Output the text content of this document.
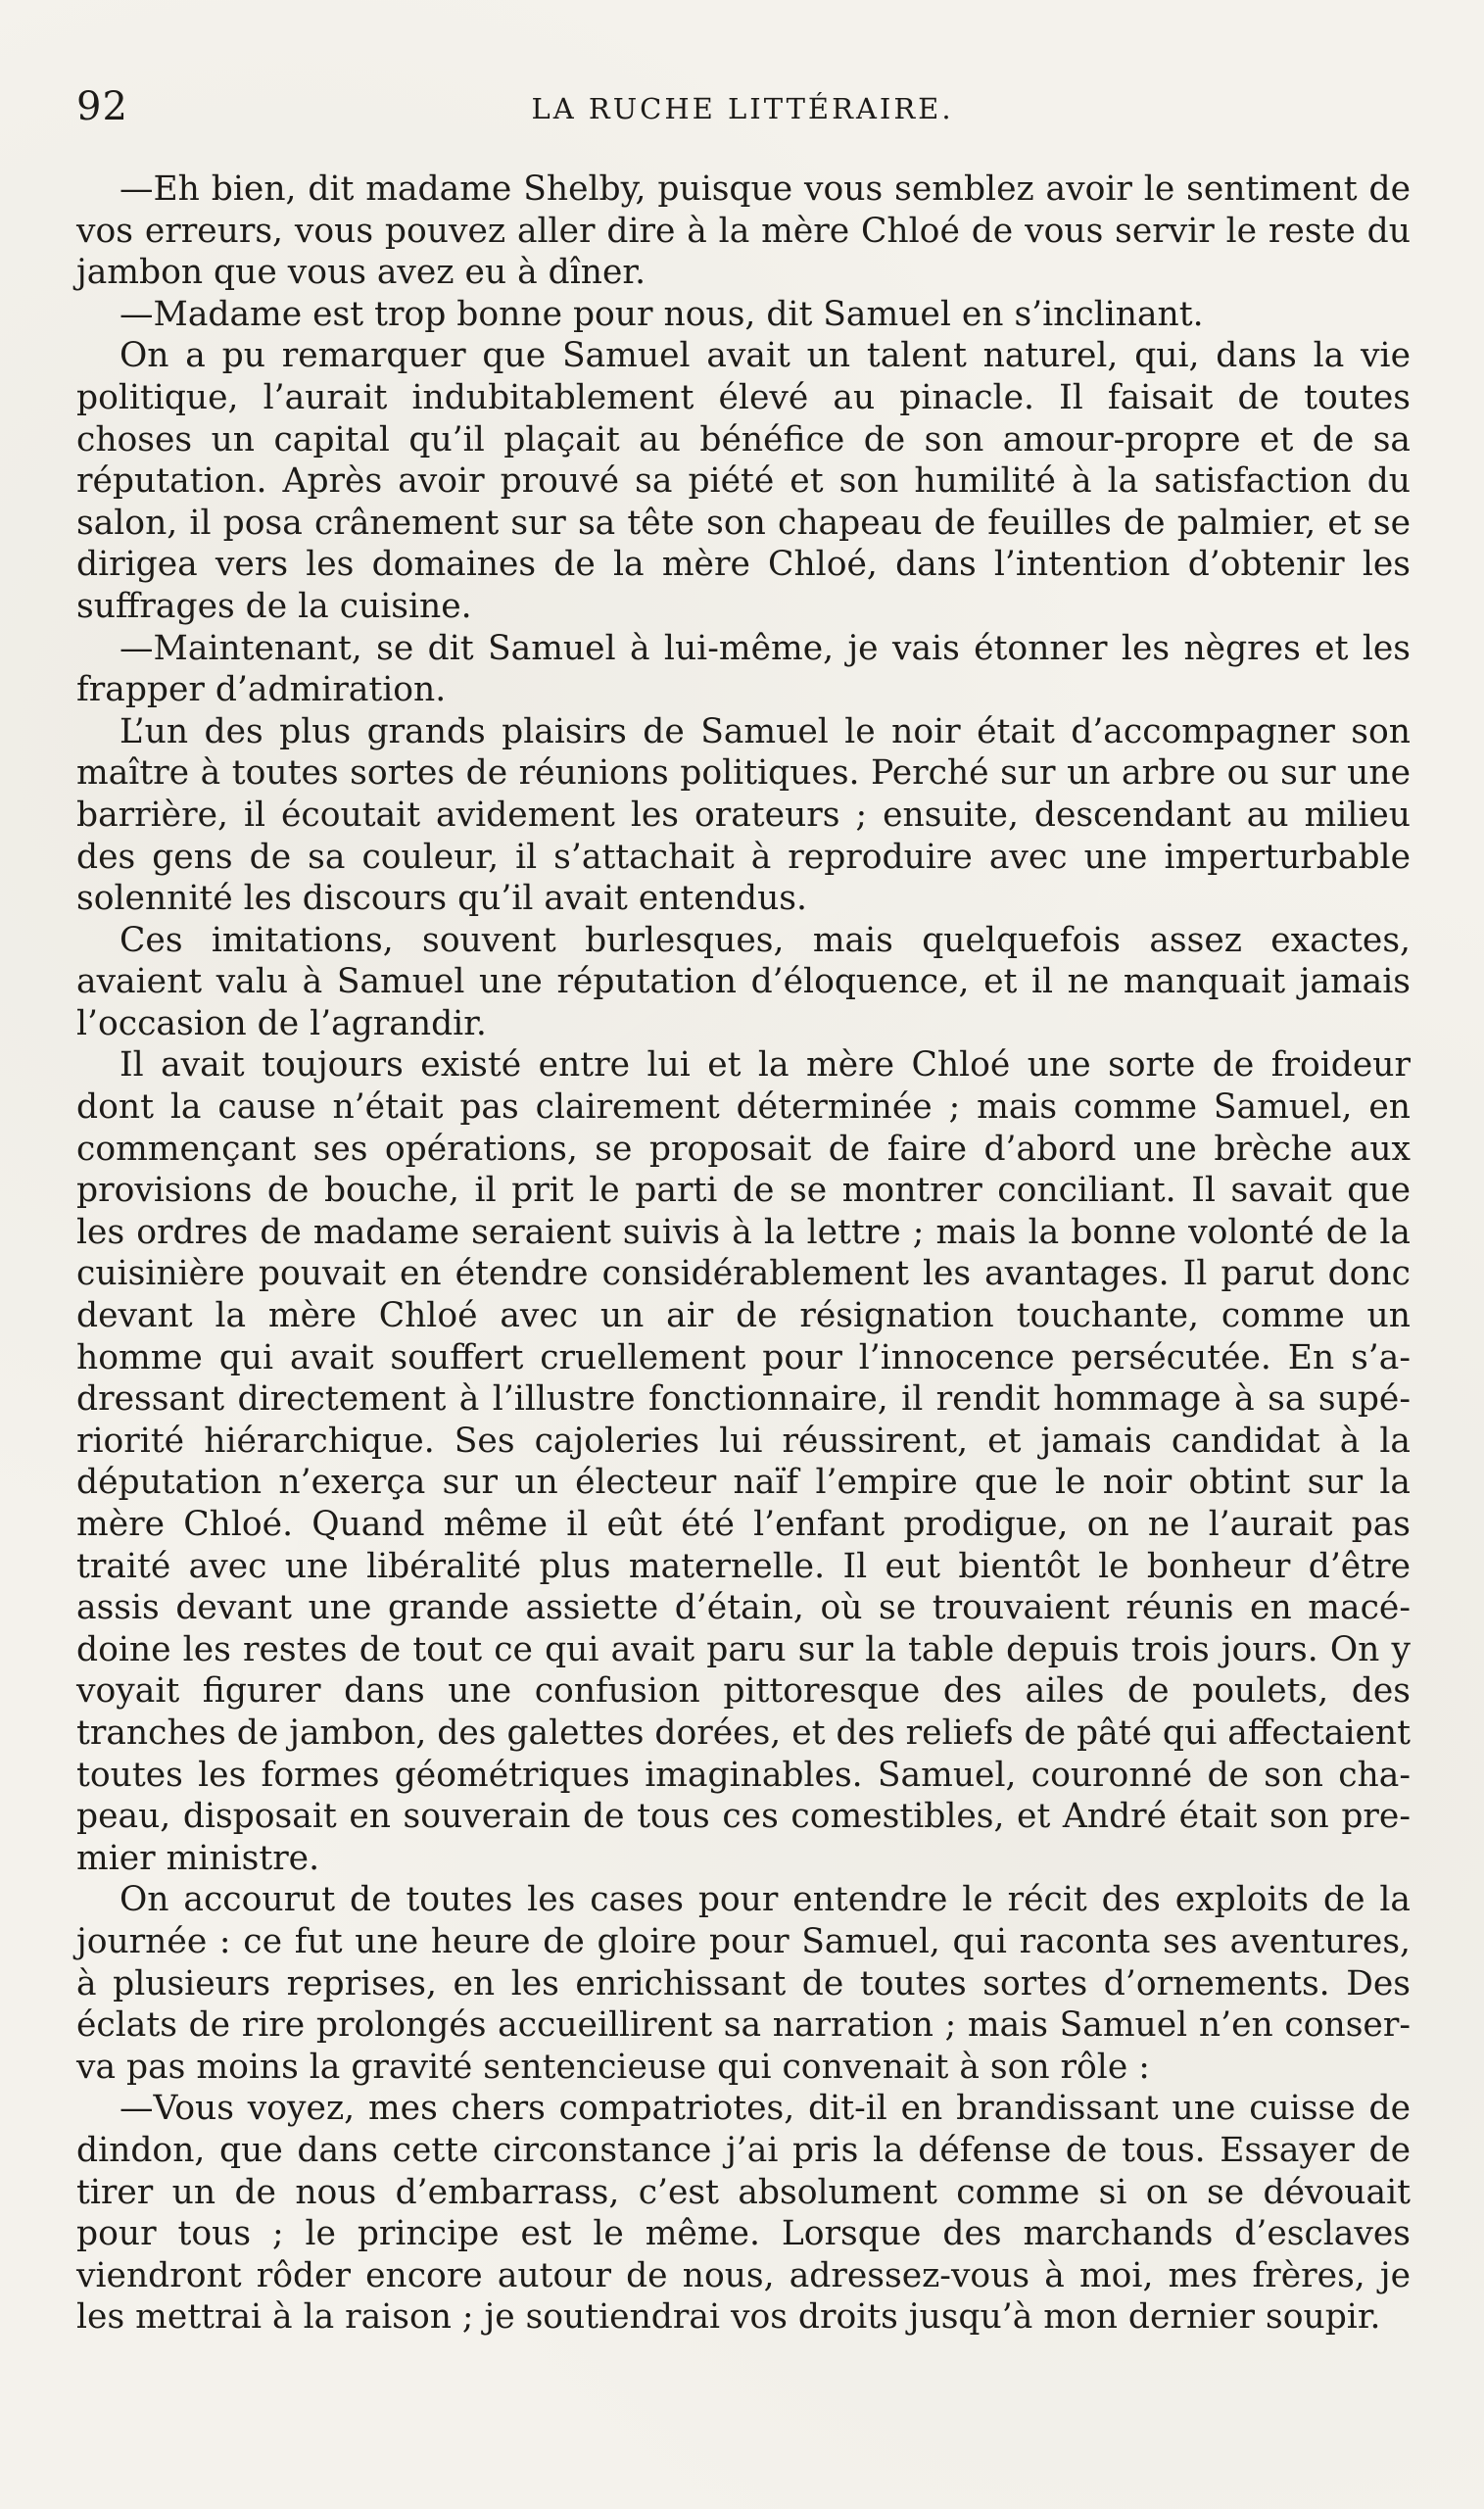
92	LA RUCHE LITTÉRAIRE.

—Eh bien, dit madame Shelby, puisque vous semblez avoir le sentiment de vos erreurs, vous pouvez aller dire à la mère Chloé de vous servir le reste du jambon que vous avez eu à dîner.

—Madame est trop bonne pour nous, dit Samuel en s’inclinant.

On a pu remarquer que Samuel avait un talent naturel, qui, dans la vie politique, l’aurait indubitablement élevé au pinacle. Il faisait de toutes choses un capital qu’il plaçait au bénéfice de son amour-propre et de sa réputation. Après avoir prouvé sa piété et son humilité à la satisfaction du salon, il posa crânement sur sa tête son chapeau de feuilles de palmier, et se dirigea vers les domaines de la mère Chloé, dans l’intention d’obtenir les suffrages de la cuisine.

—Maintenant, se dit Samuel à lui-même, je vais étonner les nègres et les frapper d’admiration.

L’un des plus grands plaisirs de Samuel le noir était d’accompagner son maître à toutes sortes de réunions politiques. Perché sur un arbre ou sur une barrière, il écoutait avidement les orateurs ; ensuite, descendant au milieu des gens de sa couleur, il s’attachait à reproduire avec une imperturbable solennité les discours qu’il avait entendus.

Ces imitations, souvent burlesques, mais quelquefois assez exactes, avaient valu à Samuel une réputation d’éloquence, et il ne manquait jamais l’occasion de l’agrandir.

Il avait toujours existé entre lui et la mère Chloé une sorte de froideur dont la cause n’était pas clairement déterminée ; mais comme Samuel, en commençant ses opérations, se proposait de faire d’abord une brèche aux provisions de bouche, il prit le parti de se montrer conciliant. Il savait que les ordres de madame seraient suivis à la lettre ; mais la bonne volonté de la cuisinière pouvait en étendre considérablement les avantages. Il parut donc devant la mère Chloé avec un air de résignation touchante, comme un homme qui avait souffert cruellement pour l’innocence persécutée. En s’adressant directement à l’illustre fonctionnaire, il rendit hommage à sa supériorité hiérarchique. Ses cajoleries lui réussirent, et jamais candidat à la députation n’exerça sur un électeur naïf l’empire que le noir obtint sur la mère Chloé. Quand même il eût été l’enfant prodigue, on ne l’aurait pas traité avec une libéralité plus maternelle. Il eut bientôt le bonheur d’être assis devant une grande assiette d’étain, où se trouvaient réunis en macédoine les restes de tout ce qui avait paru sur la table depuis trois jours. On y voyait figurer dans une confusion pittoresque des ailes de poulets, des tranches de jambon, des galettes dorées, et des reliefs de pâté qui affectaient toutes les formes géométriques imaginables. Samuel, couronné de son chapeau, disposait en souverain de tous ces comestibles, et André était son premier ministre.

On accourut de toutes les cases pour entendre le récit des exploits de la journée : ce fut une heure de gloire pour Samuel, qui raconta ses aventures, à plusieurs reprises, en les enrichissant de toutes sortes d’ornements. Des éclats de rire prolongés accueillirent sa narration ; mais Samuel n’en conserva pas moins la gravité sentencieuse qui convenait à son rôle :

—Vous voyez, mes chers compatriotes, dit-il en brandissant une cuisse de dindon, que dans cette circonstance j’ai pris la défense de tous. Essayer de tirer un de nous d’embarrass, c’est absolument comme si on se dévouait pour tous ; le principe est le même. Lorsque des marchands d’esclaves viendront rôder encore autour de nous, adressez-vous à moi, mes frères, je les mettrai à la raison ; je soutiendrai vos droits jusqu’à mon dernier soupir.
